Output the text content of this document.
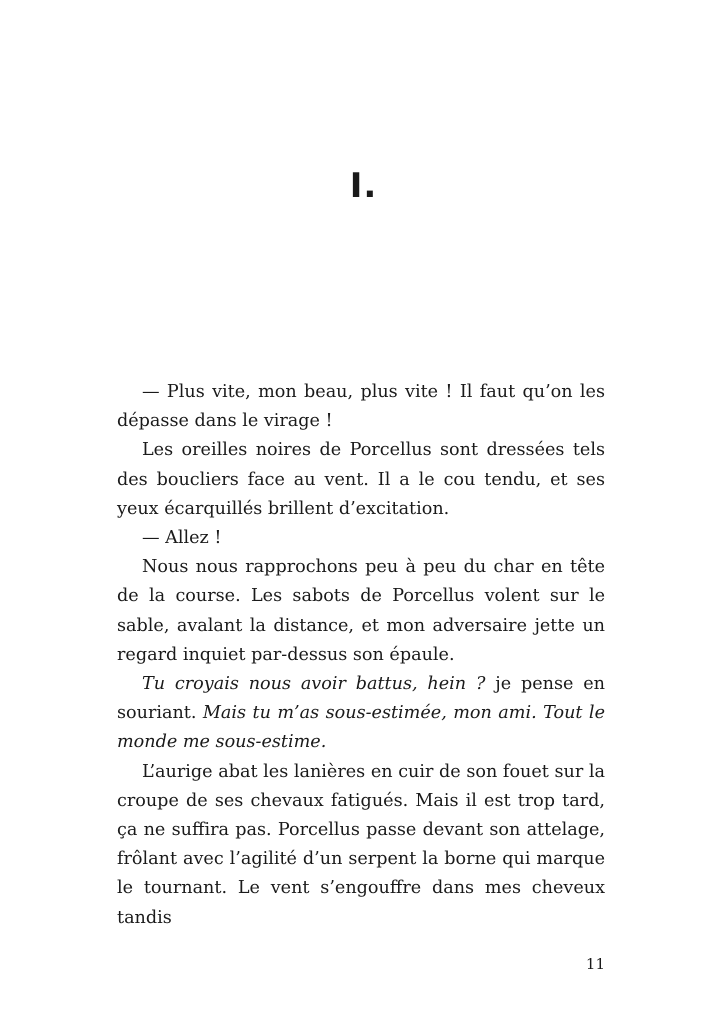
I.

— Plus vite, mon beau, plus vite ! Il faut qu’on les dépasse dans le virage !

Les oreilles noires de Porcellus sont dressées tels des boucliers face au vent. Il a le cou tendu, et ses yeux écarquillés brillent d’excitation.

— Allez !

Nous nous rapprochons peu à peu du char en tête de la course. Les sabots de Porcellus volent sur le sable, avalant la distance, et mon adversaire jette un regard inquiet par-dessus son épaule.

Tu croyais nous avoir battus, hein ? je pense en souriant. Mais tu m’as sous-estimée, mon ami. Tout le monde me sous-estime.

L’aurige abat les lanières en cuir de son fouet sur la croupe de ses chevaux fatigués. Mais il est trop tard, ça ne suffira pas. Porcellus passe devant son attelage, frôlant avec l’agilité d’un serpent la borne qui marque le tournant. Le vent s’engouffre dans mes cheveux tandis

11
